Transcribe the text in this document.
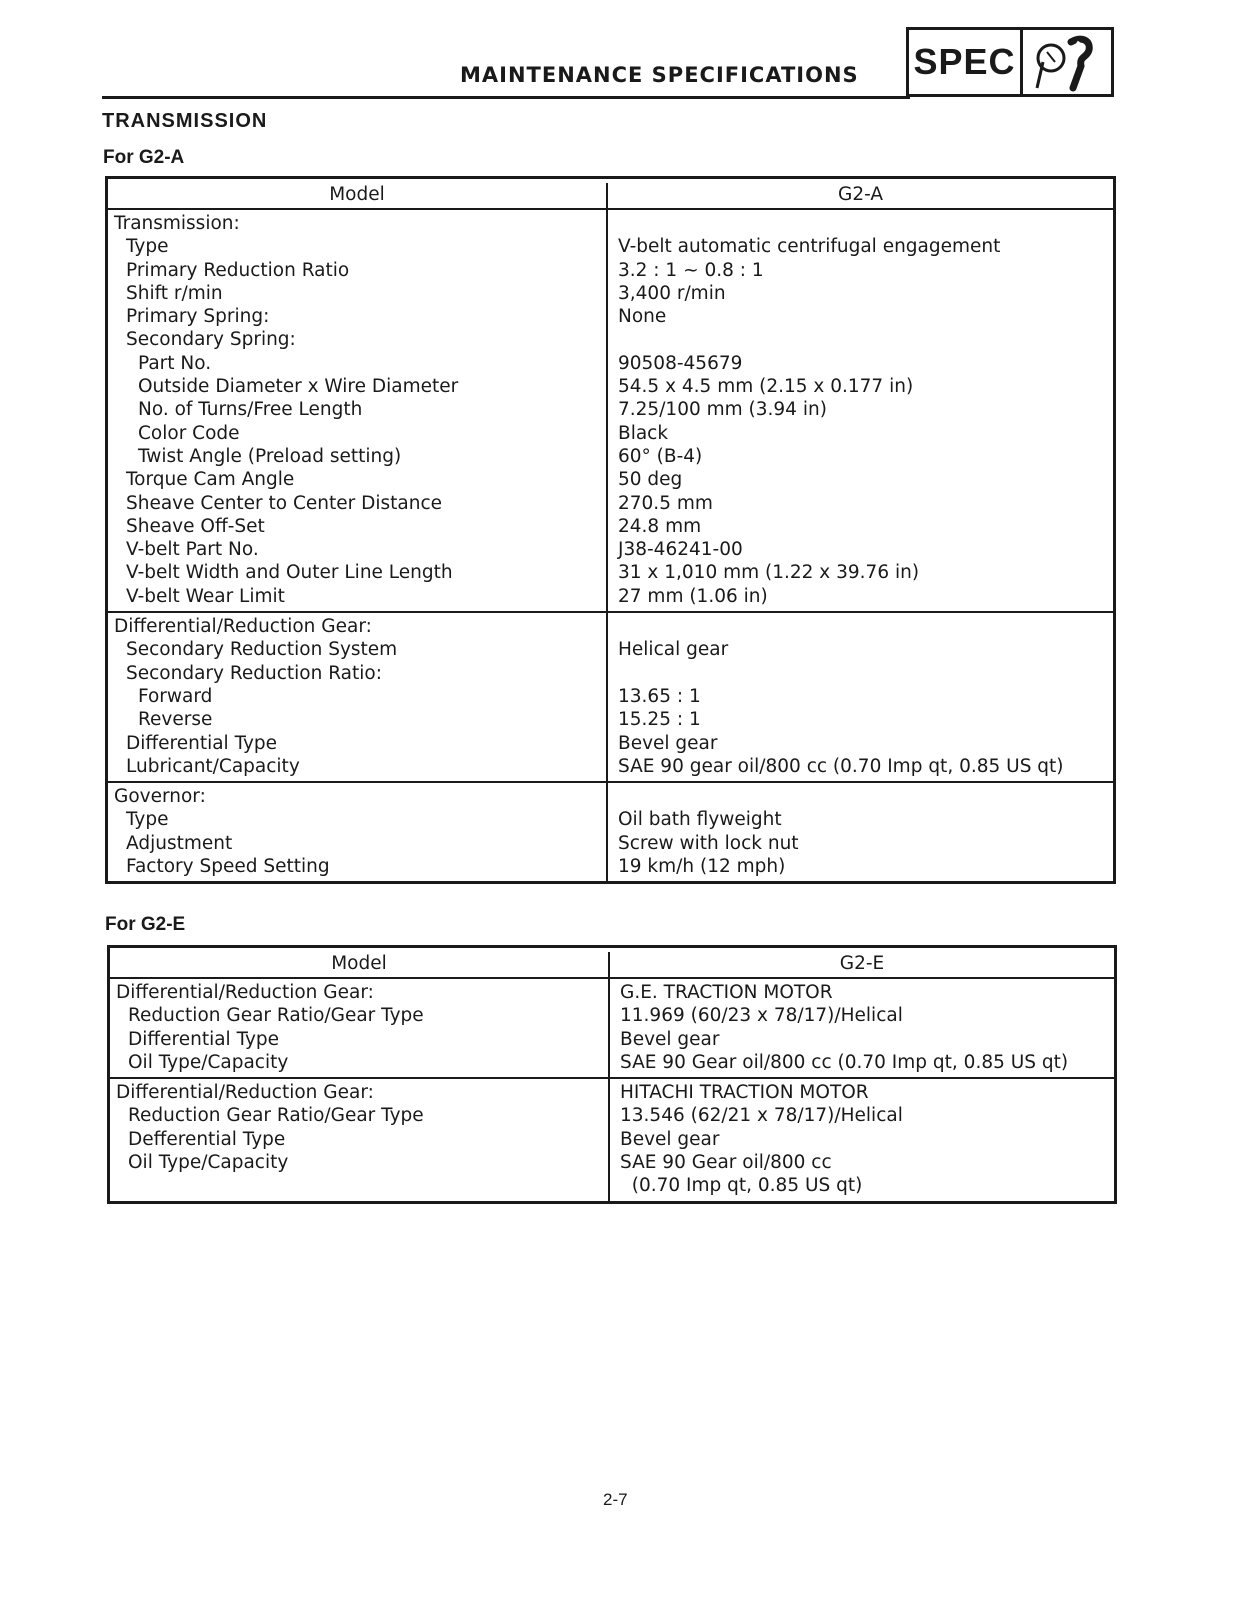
MAINTENANCE SPECIFICATIONS SPEC
TRANSMISSION
For G2-A
Model	G2-A
Transmission:
Type
Primary Reduction Ratio
Shift r/min
Primary Spring:
Secondary Spring:
Part No.
Outside Diameter x Wire Diameter
No. of Turns/Free Length
Color Code
Twist Angle (Preload setting)
Torque Cam Angle
Sheave Center to Center Distance
Sheave Off-Set
V-belt Part No.
V-belt Width and Outer Line Length
V-belt Wear Limit
V-belt automatic centrifugal engagement
3.2 : 1 ~ 0.8 : 1
3,400 r/min
None
90508-45679
54.5 x 4.5 mm (2.15 x 0.177 in)
7.25/100 mm (3.94 in)
Black
60° (B-4)
50 deg
270.5 mm
24.8 mm
J38-46241-00
31 x 1,010 mm (1.22 x 39.76 in)
27 mm (1.06 in)
Differential/Reduction Gear:
Secondary Reduction System
Secondary Reduction Ratio:
Forward
Reverse
Differential Type
Lubricant/Capacity
Helical gear
13.65 : 1
15.25 : 1
Bevel gear
SAE 90 gear oil/800 cc (0.70 Imp qt, 0.85 US qt)
Governor:
Type
Adjustment
Factory Speed Setting
Oil bath flyweight
Screw with lock nut
19 km/h (12 mph)
For G2-E
Model	G2-E
Differential/Reduction Gear:
Reduction Gear Ratio/Gear Type
Differential Type
Oil Type/Capacity
G.E. TRACTION MOTOR
11.969 (60/23 x 78/17)/Helical
Bevel gear
SAE 90 Gear oil/800 cc (0.70 Imp qt, 0.85 US qt)
Differential/Reduction Gear:
Reduction Gear Ratio/Gear Type
Defferential Type
Oil Type/Capacity
HITACHI TRACTION MOTOR
13.546 (62/21 x 78/17)/Helical
Bevel gear
SAE 90 Gear oil/800 cc
(0.70 Imp qt, 0.85 US qt)
2-7
